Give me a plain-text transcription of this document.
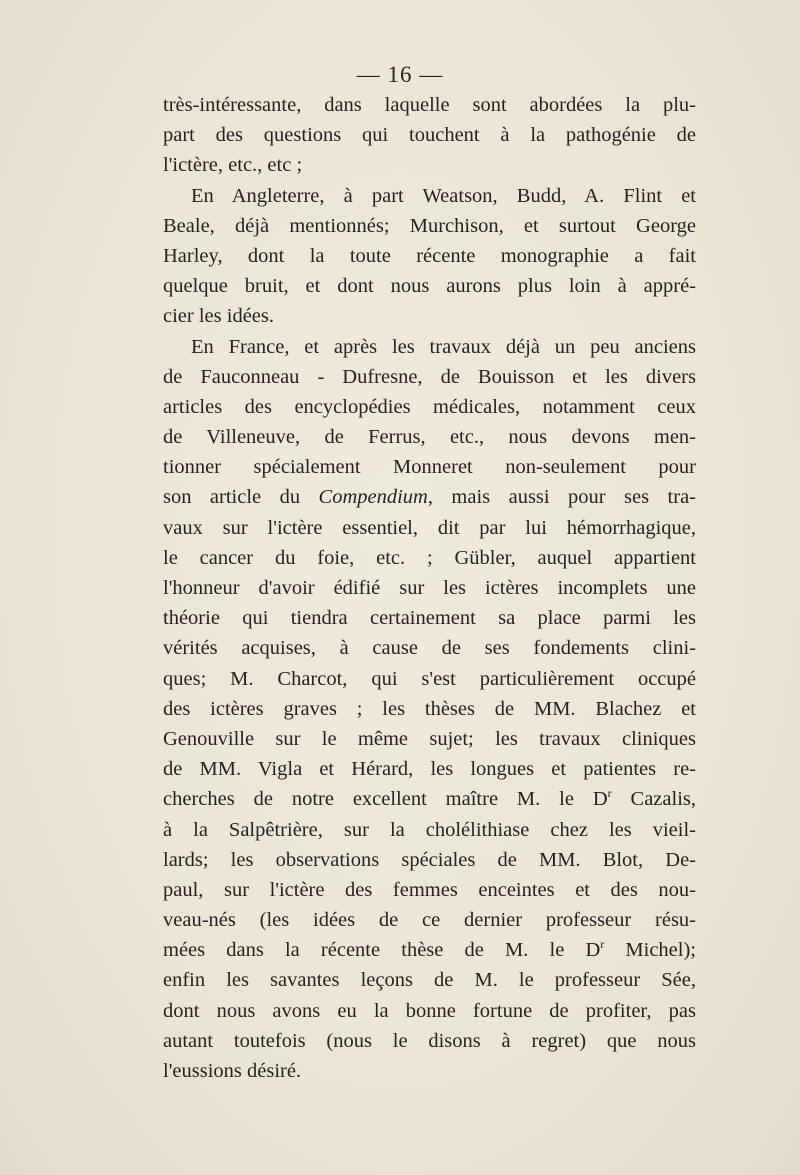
— 16 —
très-intéressante, dans laquelle sont abordées la plu-
part des questions qui touchent à la pathogénie de
l'ictère, etc., etc ;
En Angleterre, à part Weatson, Budd, A. Flint et
Beale, déjà mentionnés; Murchison, et surtout George
Harley, dont la toute récente monographie a fait
quelque bruit, et dont nous aurons plus loin à appré-
cier les idées.
En France, et après les travaux déjà un peu anciens
de Fauconneau - Dufresne, de Bouisson et les divers
articles des encyclopédies médicales, notamment ceux
de Villeneuve, de Ferrus, etc., nous devons men-
tionner spécialement Monneret non-seulement pour
son article du Compendium, mais aussi pour ses tra-
vaux sur l'ictère essentiel, dit par lui hémorrhagique,
le cancer du foie, etc. ; Gübler, auquel appartient
l'honneur d'avoir édifié sur les ictères incomplets une
théorie qui tiendra certainement sa place parmi les
vérités acquises, à cause de ses fondements clini-
ques; M. Charcot, qui s'est particulièrement occupé
des ictères graves ; les thèses de MM. Blachez et
Genouville sur le même sujet; les travaux cliniques
de MM. Vigla et Hérard, les longues et patientes re-
cherches de notre excellent maître M. le $D^r$ Cazalis,
à la Salpêtrière, sur la cholélithiase chez les vieil-
lards; les observations spéciales de MM. Blot, De-
paul, sur l'ictère des femmes enceintes et des nou-
veau-nés (les idées de ce dernier professeur résu-
mées dans la récente thèse de M. le $D^r$ Michel);
enfin les savantes leçons de M. le professeur Sée,
dont nous avons eu la bonne fortune de profiter, pas
autant toutefois (nous le disons à regret) que nous
l'eussions désiré.
